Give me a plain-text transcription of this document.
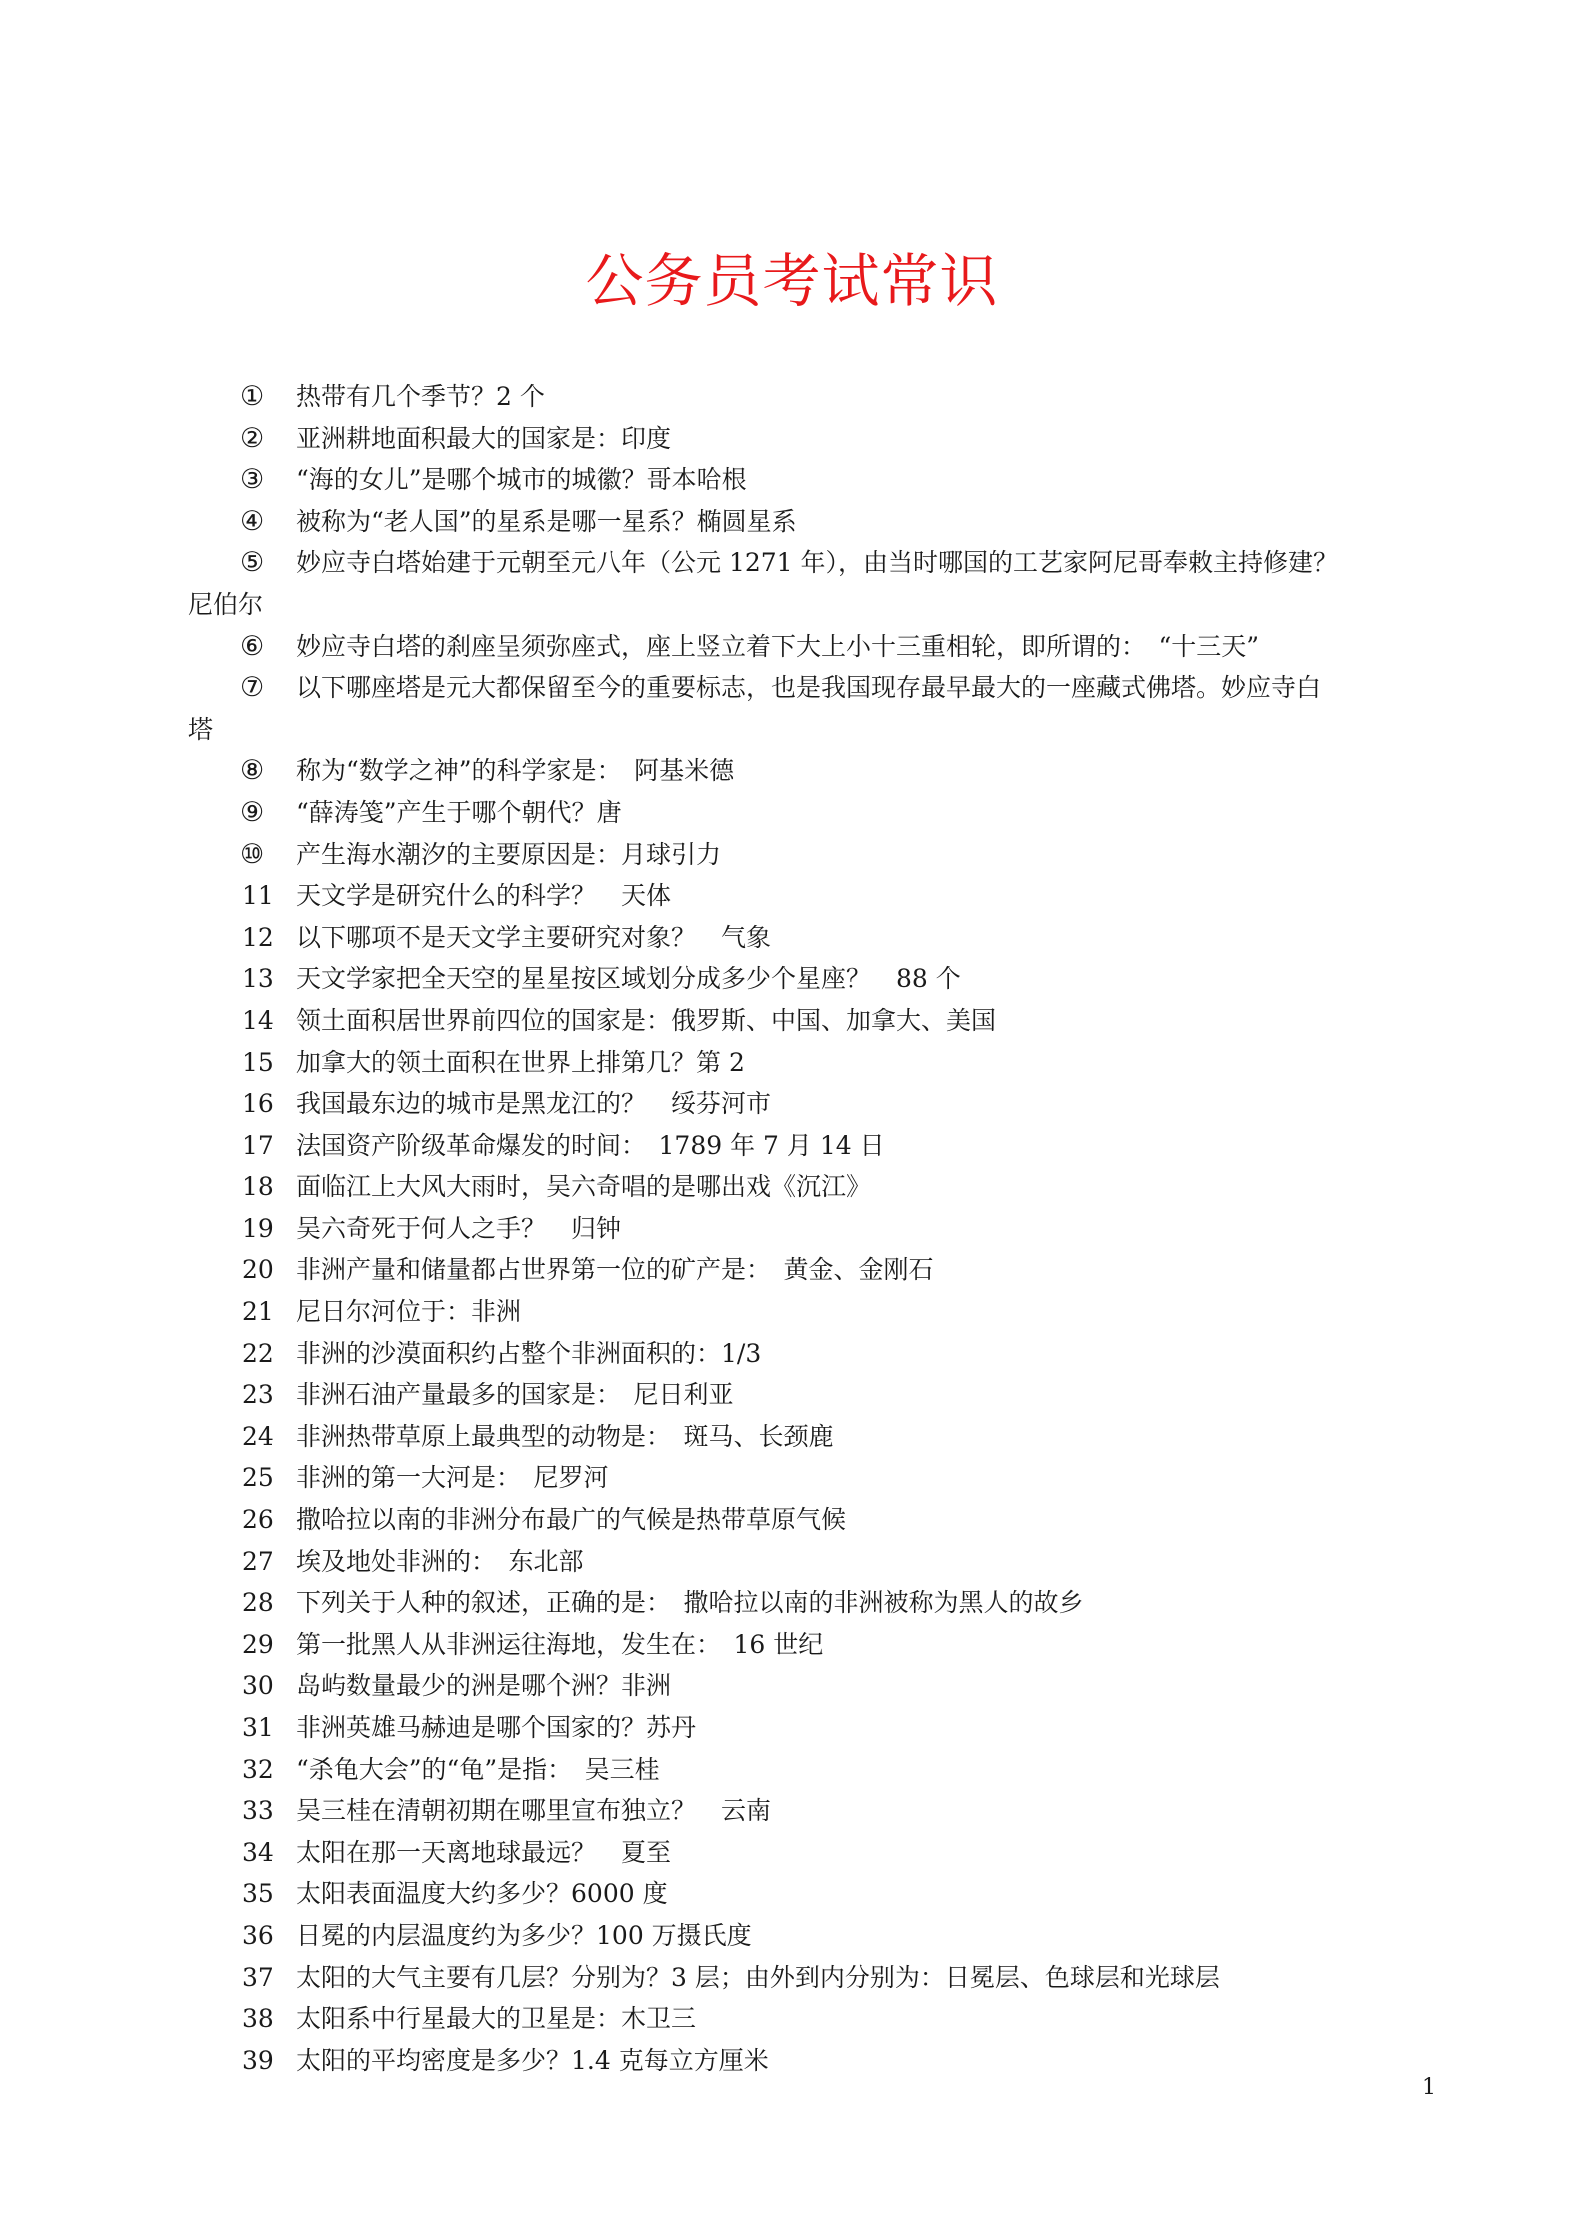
公务员考试常识
①	热带有几个季节？2 个
②	亚洲耕地面积最大的国家是：印度
③	“海的女儿”是哪个城市的城徽？哥本哈根
④	被称为“老人国”的星系是哪一星系？椭圆星系
⑤	妙应寺白塔始建于元朝至元八年（公元 1271 年），由当时哪国的工艺家阿尼哥奉敕主持修建？
尼伯尔
⑥	妙应寺白塔的刹座呈须弥座式，座上竖立着下大上小十三重相轮，即所谓的：　“十三天”
⑦	以下哪座塔是元大都保留至今的重要标志，也是我国现存最早最大的一座藏式佛塔。妙应寺白
塔
⑧	称为“数学之神”的科学家是：　阿基米德
⑨	“薛涛笺”产生于哪个朝代？唐
⑩	产生海水潮汐的主要原因是：月球引力
11 天文学是研究什么的科学？　天体
12 以下哪项不是天文学主要研究对象？　气象
13 天文学家把全天空的星星按区域划分成多少个星座？　88 个
14 领土面积居世界前四位的国家是：俄罗斯、中国、加拿大、美国
15 加拿大的领土面积在世界上排第几？第 2
16 我国最东边的城市是黑龙江的？　绥芬河市
17 法国资产阶级革命爆发的时间：　1789 年 7 月 14 日
18 面临江上大风大雨时，吴六奇唱的是哪出戏《沉江》
19 吴六奇死于何人之手？　归钟
20 非洲产量和储量都占世界第一位的矿产是：　黄金、金刚石
21 尼日尔河位于：非洲
22 非洲的沙漠面积约占整个非洲面积的：1/3
23 非洲石油产量最多的国家是：　尼日利亚
24 非洲热带草原上最典型的动物是：　斑马、长颈鹿
25 非洲的第一大河是：　尼罗河
26 撒哈拉以南的非洲分布最广的气候是热带草原气候
27 埃及地处非洲的：　东北部
28 下列关于人种的叙述，正确的是：　撒哈拉以南的非洲被称为黑人的故乡
29 第一批黑人从非洲运往海地，发生在：　16 世纪
30 岛屿数量最少的洲是哪个洲？非洲
31 非洲英雄马赫迪是哪个国家的？苏丹
32 “杀龟大会”的“龟”是指：　吴三桂
33 吴三桂在清朝初期在哪里宣布独立？　云南
34 太阳在那一天离地球最远？　夏至
35 太阳表面温度大约多少？6000 度
36 日冕的内层温度约为多少？100 万摄氏度
37 太阳的大气主要有几层？分别为？3 层；由外到内分别为：日冕层、色球层和光球层
38 太阳系中行星最大的卫星是：木卫三
39 太阳的平均密度是多少？1.4 克每立方厘米
1
